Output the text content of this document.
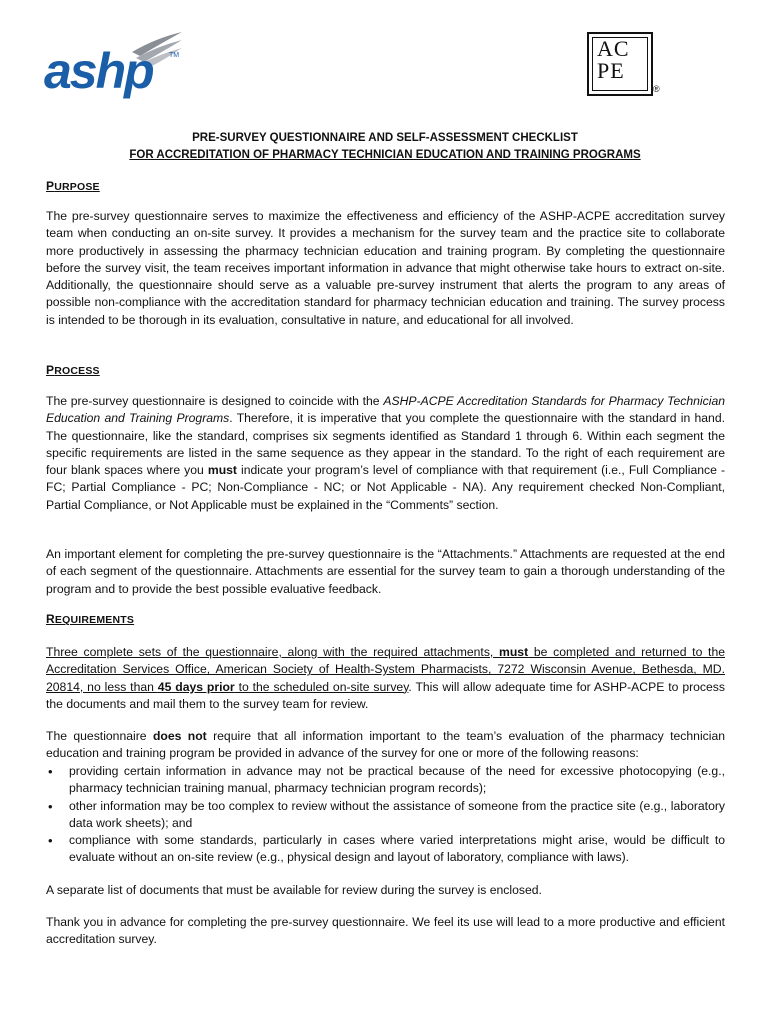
ashp TM	AC
PE
®
PRE-SURVEY QUESTIONNAIRE AND SELF-ASSESSMENT CHECKLIST
FOR ACCREDITATION OF PHARMACY TECHNICIAN EDUCATION AND TRAINING PROGRAMS
PURPOSE

The pre-survey questionnaire serves to maximize the effectiveness and efficiency of the ASHP-ACPE accreditation survey team when conducting an on-site survey. It provides a mechanism for the survey team and the practice site to collaborate more productively in assessing the pharmacy technician education and training program. By completing the questionnaire before the survey visit, the team receives important information in advance that might otherwise take hours to extract on-site. Additionally, the questionnaire should serve as a valuable pre-survey instrument that alerts the program to any areas of possible non-compliance with the accreditation standard for pharmacy technician education and training. The survey process is intended to be thorough in its evaluation, consultative in nature, and educational for all involved.

PROCESS

The pre-survey questionnaire is designed to coincide with the ASHP-ACPE Accreditation Standards for Pharmacy Technician Education and Training Programs. Therefore, it is imperative that you complete the questionnaire with the standard in hand. The questionnaire, like the standard, comprises six segments identified as Standard 1 through 6. Within each segment the specific requirements are listed in the same sequence as they appear in the standard. To the right of each requirement are four blank spaces where you must indicate your program’s level of compliance with that requirement (i.e., Full Compliance - FC; Partial Compliance - PC; Non-Compliance - NC; or Not Applicable - NA). Any requirement checked Non-Compliant, Partial Compliance, or Not Applicable must be explained in the “Comments” section.

An important element for completing the pre-survey questionnaire is the “Attachments.” Attachments are requested at the end of each segment of the questionnaire. Attachments are essential for the survey team to gain a thorough understanding of the program and to provide the best possible evaluative feedback.

REQUIREMENTS

Three complete sets of the questionnaire, along with the required attachments, must be completed and returned to the Accreditation Services Office, American Society of Health-System Pharmacists, 7272 Wisconsin Avenue, Bethesda, MD. 20814, no less than 45 days prior to the scheduled on-site survey. This will allow adequate time for ASHP-ACPE to process the documents and mail them to the survey team for review.

The questionnaire does not require that all information important to the team’s evaluation of the pharmacy technician education and training program be provided in advance of the survey for one or more of the following reasons:

• providing certain information in advance may not be practical because of the need for excessive photocopying (e.g., pharmacy technician training manual, pharmacy technician program records);
• other information may be too complex to review without the assistance of someone from the practice site (e.g., laboratory data work sheets); and
• compliance with some standards, particularly in cases where varied interpretations might arise, would be difficult to evaluate without an on-site review (e.g., physical design and layout of laboratory, compliance with laws).

A separate list of documents that must be available for review during the survey is enclosed.

Thank you in advance for completing the pre-survey questionnaire. We feel its use will lead to a more productive and efficient accreditation survey.
